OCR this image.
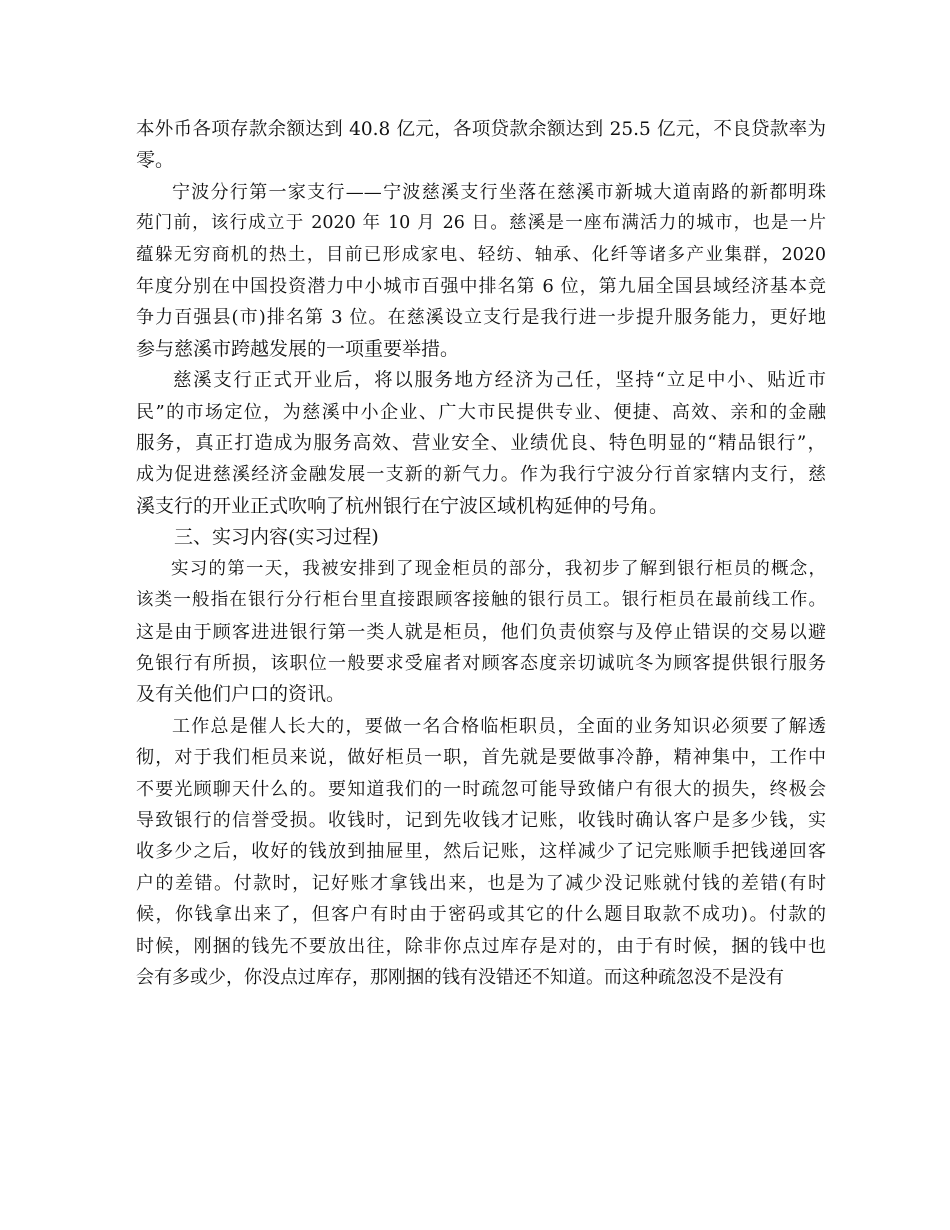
本外币各项存款余额达到 40.8 亿元，各项贷款余额达到 25.5 亿元，不良贷款率为
零。
宁波分行第一家支行——宁波慈溪支行坐落在慈溪市新城大道南路的新都明珠
苑门前，该行成立于 2020 年 10 月 26 日。慈溪是一座布满活力的城市，也是一片
蕴躲无穷商机的热土，目前已形成家电、轻纺、轴承、化纤等诸多产业集群，2020
年度分别在中国投资潜力中小城市百强中排名第 6 位，第九届全国县域经济基本竞
争力百强县(市)排名第 3 位。在慈溪设立支行是我行进一步提升服务能力，更好地
参与慈溪市跨越发展的一项重要举措。
慈溪支行正式开业后，将以服务地方经济为己任，坚持“立足中小、贴近市
民”的市场定位，为慈溪中小企业、广大市民提供专业、便捷、高效、亲和的金融
服务，真正打造成为服务高效、营业安全、业绩优良、特色明显的“精品银行”，
成为促进慈溪经济金融发展一支新的新气力。作为我行宁波分行首家辖内支行，慈
溪支行的开业正式吹响了杭州银行在宁波区域机构延伸的号角。
三、实习内容(实习过程)
实习的第一天，我被安排到了现金柜员的部分，我初步了解到银行柜员的概念，
该类一般指在银行分行柜台里直接跟顾客接触的银行员工。银行柜员在最前线工作。
这是由于顾客进进银行第一类人就是柜员，他们负责侦察与及停止错误的交易以避
免银行有所损，该职位一般要求受雇者对顾客态度亲切诚吭冬为顾客提供银行服务
及有关他们户口的资讯。
工作总是催人长大的，要做一名合格临柜职员，全面的业务知识必须要了解透
彻，对于我们柜员来说，做好柜员一职，首先就是要做事冷静，精神集中，工作中
不要光顾聊天什么的。要知道我们的一时疏忽可能导致储户有很大的损失，终极会
导致银行的信誉受损。收钱时，记到先收钱才记账，收钱时确认客户是多少钱，实
收多少之后，收好的钱放到抽屉里，然后记账，这样减少了记完账顺手把钱递回客
户的差错。付款时，记好账才拿钱出来，也是为了减少没记账就付钱的差错(有时
候，你钱拿出来了，但客户有时由于密码或其它的什么题目取款不成功)。付款的
时候，刚捆的钱先不要放出往，除非你点过库存是对的，由于有时候，捆的钱中也
会有多或少，你没点过库存，那刚捆的钱有没错还不知道。而这种疏忽没不是没有
